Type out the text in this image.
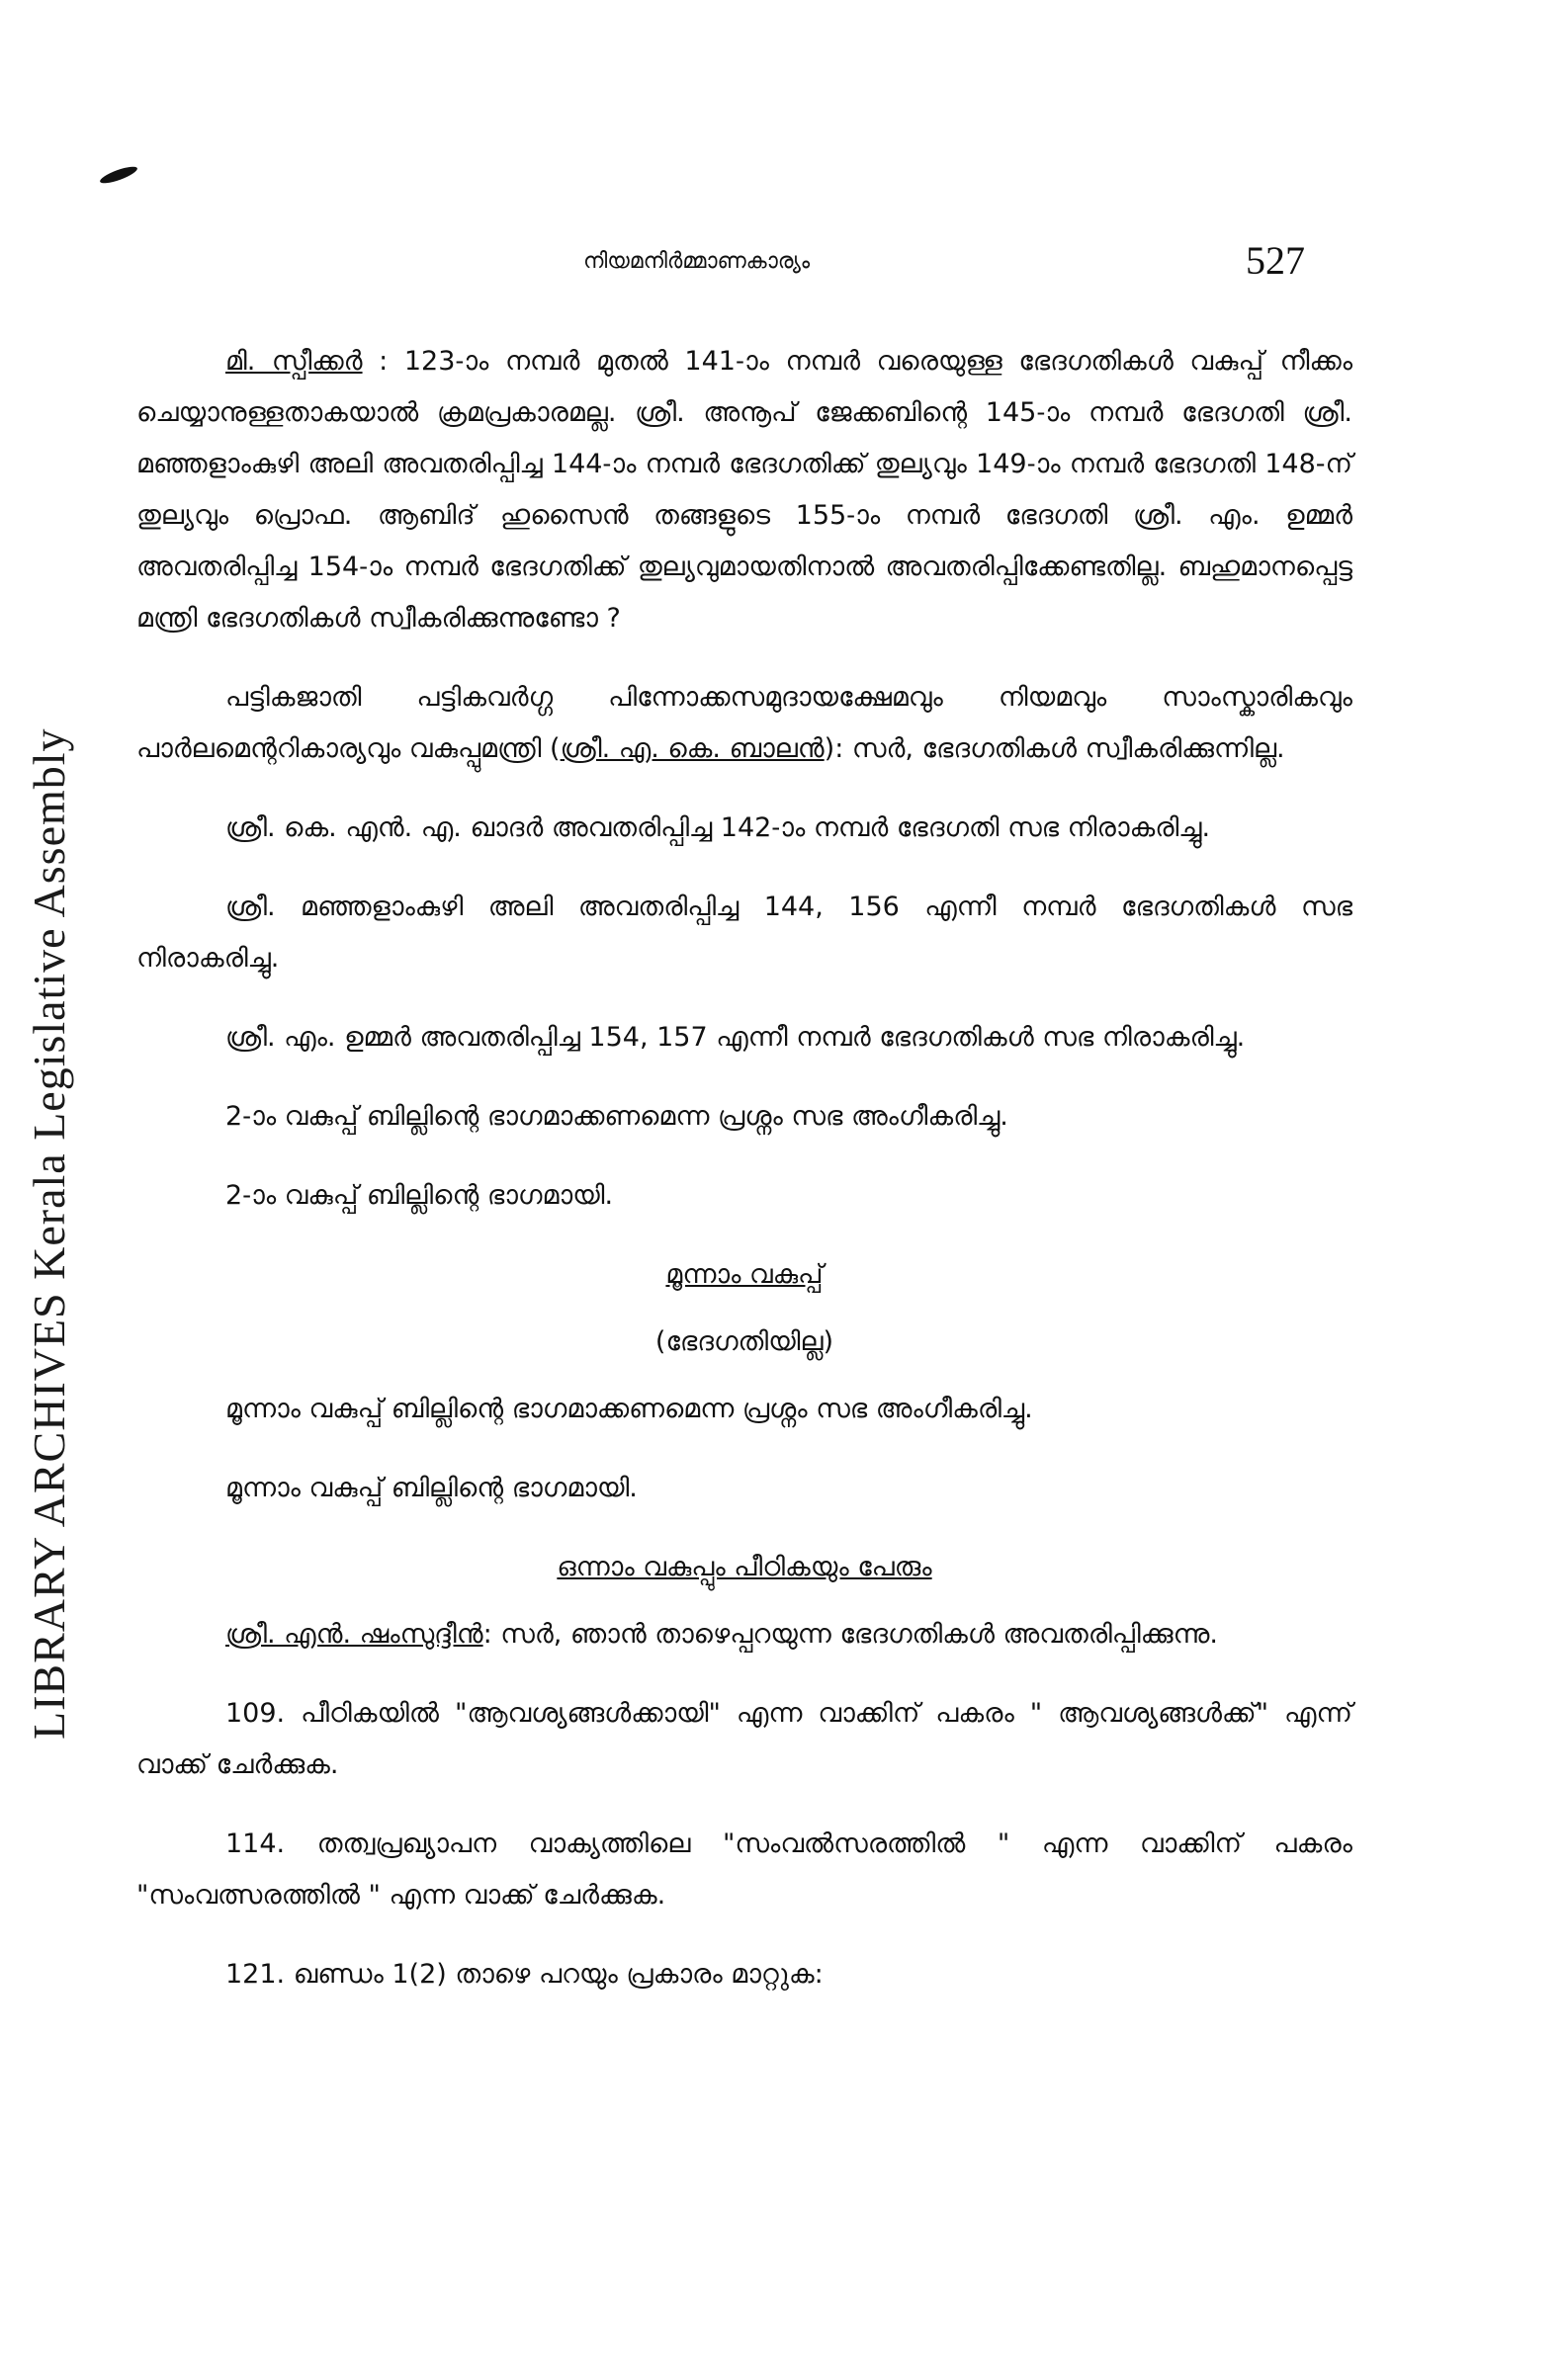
LIBRARY ARCHIVES Kerala Legislative Assembly
നിയമനിർമ്മാണകാര്യം	527

മി. സ്പീക്കർ : 123-ാം നമ്പർ മുതൽ 141-ാം നമ്പർ വരെയുള്ള ഭേദഗതികൾ വകുപ്പ് നീക്കം ചെയ്യാനുള്ളതാകയാൽ ക്രമപ്രകാരമല്ല. ശ്രീ. അനൂപ് ജേക്കബിന്റെ 145-ാം നമ്പർ ഭേദഗതി ശ്രീ. മഞ്ഞളാംകുഴി അലി അവതരിപ്പിച്ച 144-ാം നമ്പർ ഭേദഗതിക്ക് തുല്യവും 149-ാം നമ്പർ ഭേദഗതി 148-ന് തുല്യവും പ്രൊഫ. ആബിദ് ഹുസൈൻ തങ്ങളുടെ 155-ാം നമ്പർ ഭേദഗതി ശ്രീ. എം. ഉമ്മർ അവതരിപ്പിച്ച 154-ാം നമ്പർ ഭേദഗതിക്ക് തുല്യവുമായതിനാൽ അവതരിപ്പിക്കേണ്ടതില്ല. ബഹുമാനപ്പെട്ട മന്ത്രി ഭേദഗതികൾ സ്വീകരിക്കുന്നുണ്ടോ ?

പട്ടികജാതി പട്ടികവർഗ്ഗ പിന്നോക്കസമുദായക്ഷേമവും നിയമവും സാംസ്കാരികവും പാർലമെന്ററികാര്യവും വകുപ്പുമന്ത്രി (ശ്രീ. എ. കെ. ബാലൻ): സർ, ഭേദഗതികൾ സ്വീകരിക്കുന്നില്ല.

ശ്രീ. കെ. എൻ. എ. ഖാദർ അവതരിപ്പിച്ച 142-ാം നമ്പർ ഭേദഗതി സഭ നിരാകരിച്ചു.

ശ്രീ. മഞ്ഞളാംകുഴി അലി അവതരിപ്പിച്ച 144, 156 എന്നീ നമ്പർ ഭേദഗതികൾ സഭ നിരാകരിച്ചു.

ശ്രീ. എം. ഉമ്മർ അവതരിപ്പിച്ച 154, 157 എന്നീ നമ്പർ ഭേദഗതികൾ സഭ നിരാകരിച്ചു.

2-ാം വകുപ്പ് ബില്ലിന്റെ ഭാഗമാക്കണമെന്ന പ്രശ്നം സഭ അംഗീകരിച്ചു.

2-ാം വകുപ്പ് ബില്ലിന്റെ ഭാഗമായി.

മൂന്നാം വകുപ്പ്

(ഭേദഗതിയില്ല)

മൂന്നാം വകുപ്പ് ബില്ലിന്റെ ഭാഗമാക്കണമെന്ന പ്രശ്നം സഭ അംഗീകരിച്ചു.

മൂന്നാം വകുപ്പ് ബില്ലിന്റെ ഭാഗമായി.

ഒന്നാം വകുപ്പും പീഠികയും പേരും

ശ്രീ. എൻ. ഷംസുദ്ദീൻ: സർ, ഞാൻ താഴെപ്പറയുന്ന ഭേദഗതികൾ അവതരിപ്പിക്കുന്നു.

109. പീഠികയിൽ "ആവശ്യങ്ങൾക്കായി" എന്ന വാക്കിന് പകരം " ആവശ്യങ്ങൾക്ക്" എന്ന് വാക്ക് ചേർക്കുക.

114. തത്വപ്രഖ്യാപന വാക്യത്തിലെ "സംവൽസരത്തിൽ " എന്ന വാക്കിന് പകരം "സംവത്സരത്തിൽ " എന്ന വാക്ക് ചേർക്കുക.

121. ഖണ്ഡം 1(2) താഴെ പറയും പ്രകാരം മാറ്റുക:
